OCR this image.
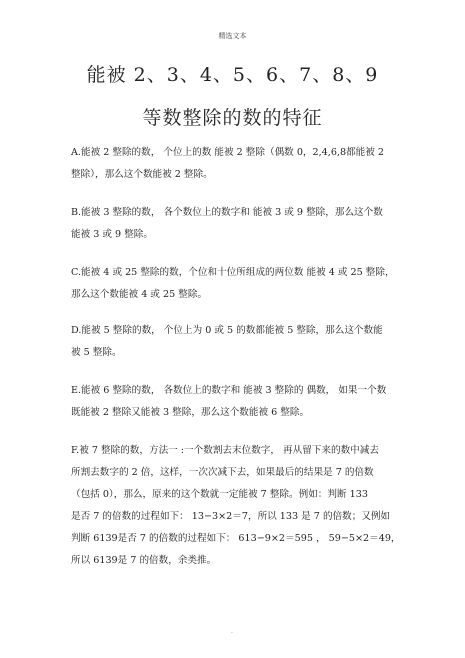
精选文本
能被 2、3、4、5、6、7、8、9
等数整除的数的特征
A.能被 2 整除的数， 个位上的数 能被 2 整除（偶数 0，2,4,6,8都能被 2
整除），那么这个数能被 2 整除。
B.能被 3 整除的数， 各个数位上的数字和 能被 3 或 9 整除，那么这个数
能被 3 或 9 整除。
C.能被 4 或 25 整除的数，个位和十位所组成的两位数 能被 4 或 25 整除，
那么这个数能被 4 或 25 整除。
D.能被 5 整除的数， 个位上为 0 或 5 的数都能被 5 整除，那么这个数能
被 5 整除。
E.能被 6 整除的数， 各数位上的数字和 能被 3 整除的 偶数， 如果一个数
既能被 2 整除又能被 3 整除，那么这个数能被 6 整除。
F.被 7 整除的数，方法一 :一个数割去末位数字， 再从留下来的数中减去
所割去数字的 2 倍，这样，一次次减下去，如果最后的结果是 7 的倍数
（包括 0），那么，原来的这个数就一定能被 7 整除。例如：判断 133
是否 7 的倍数的过程如下： 13−3×2＝7，所以 133 是 7 的倍数；又例如
判断 6139是否 7 的倍数的过程如下： 613−9×2＝595 ， 59−5×2＝49，
所以 6139是 7 的倍数，余类推。
.
